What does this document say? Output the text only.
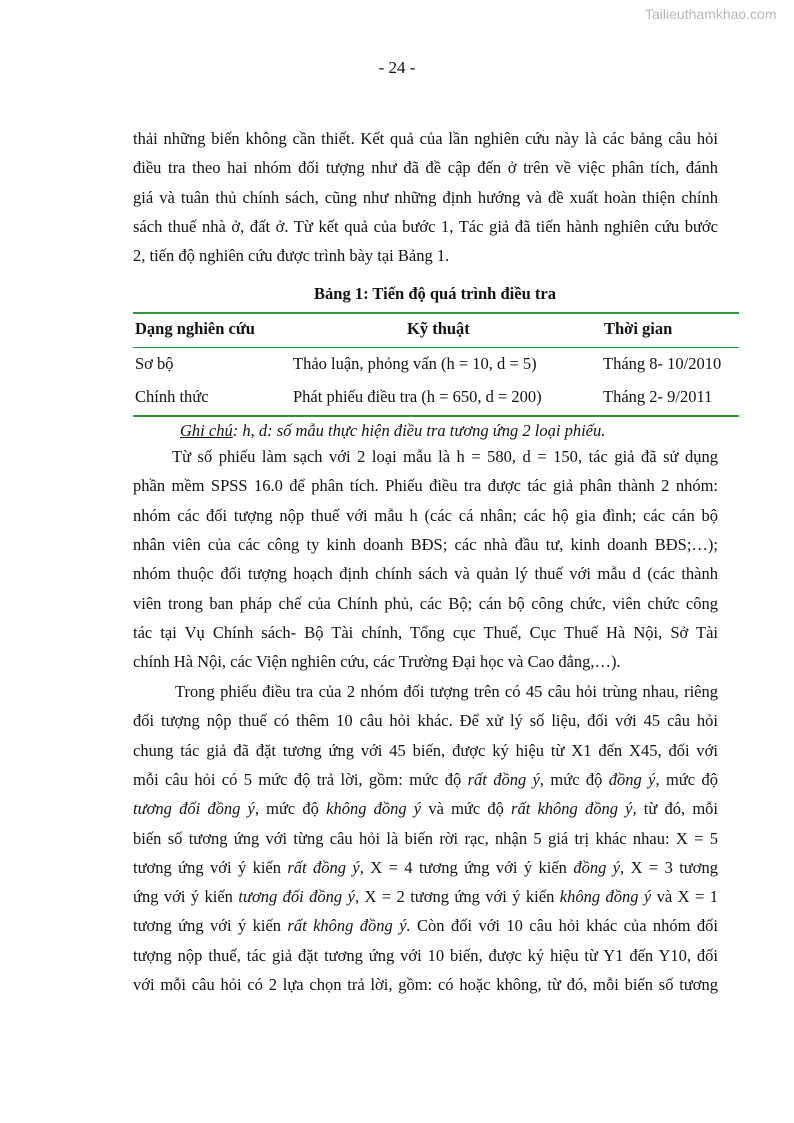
Tailieuthamkhao.com
- 24 -
thải những biến không cần thiết. Kết quả của lần nghiên cứu này là các bảng câu hỏi
điều tra theo hai nhóm đối tượng như đã đề cập đến ở trên về việc phân tích, đánh
giá và tuân thủ chính sách, cũng như những định hướng và đề xuất hoàn thiện chính
sách thuế nhà ở, đất ở. Từ kết quả của bước 1, Tác giả đã tiến hành nghiên cứu bước
2, tiến độ nghiên cứu được trình bày tại Bảng 1.
Bảng 1: Tiến độ quá trình điều tra
Dạng nghiên cứu	Kỹ thuật	Thời gian
Sơ bộ	Thảo luận, phỏng vấn (h = 10, d = 5)	Tháng 8- 10/2010
Chính thức	Phát phiếu điều tra (h = 650, d = 200)	Tháng 2- 9/2011
Ghi chú: h, d: số mẫu thực hiện điều tra tương ứng 2 loại phiếu.
Từ số phiếu làm sạch với 2 loại mẫu là h = 580, d = 150, tác giả đã sử dụng
phần mềm SPSS 16.0 để phân tích. Phiếu điều tra được tác giả phân thành 2 nhóm:
nhóm các đối tượng nộp thuế với mẫu h (các cá nhân; các hộ gia đình; các cán bộ
nhân viên của các công ty kinh doanh BĐS; các nhà đầu tư, kinh doanh BĐS;…);
nhóm thuộc đối tượng hoạch định chính sách và quản lý thuế với mẫu d (các thành
viên trong ban pháp chế của Chính phủ, các Bộ; cán bộ công chức, viên chức công
tác tại Vụ Chính sách- Bộ Tài chính, Tổng cục Thuế, Cục Thuế Hà Nội, Sở Tài
chính Hà Nội, các Viện nghiên cứu, các Trường Đại học và Cao đẳng,…).
Trong phiếu điều tra của 2 nhóm đối tượng trên có 45 câu hỏi trùng nhau, riêng
đối tượng nộp thuế có thêm 10 câu hỏi khác. Để xử lý số liệu, đối với 45 câu hỏi
chung tác giả đã đặt tương ứng với 45 biến, được ký hiệu từ X1 đến X45, đối với
mỗi câu hỏi có 5 mức độ trả lời, gồm: mức độ rất đồng ý, mức độ đồng ý, mức độ
tương đối đồng ý, mức độ không đồng ý và mức độ rất không đồng ý, từ đó, mỗi
biến số tương ứng với từng câu hỏi là biến rời rạc, nhận 5 giá trị khác nhau: X = 5
tương ứng với ý kiến rất đồng ý, X = 4 tương ứng với ý kiến đồng ý, X = 3 tương
ứng với ý kiến tương đối đồng ý, X = 2 tương ứng với ý kiến không đồng ý và X = 1
tương ứng với ý kiến rất không đồng ý. Còn đối với 10 câu hỏi khác của nhóm đối
tượng nộp thuế, tác giả đặt tương ứng với 10 biến, được ký hiệu từ Y1 đến Y10, đối
với mỗi câu hỏi có 2 lựa chọn trả lời, gồm: có hoặc không, từ đó, mỗi biến số tương
